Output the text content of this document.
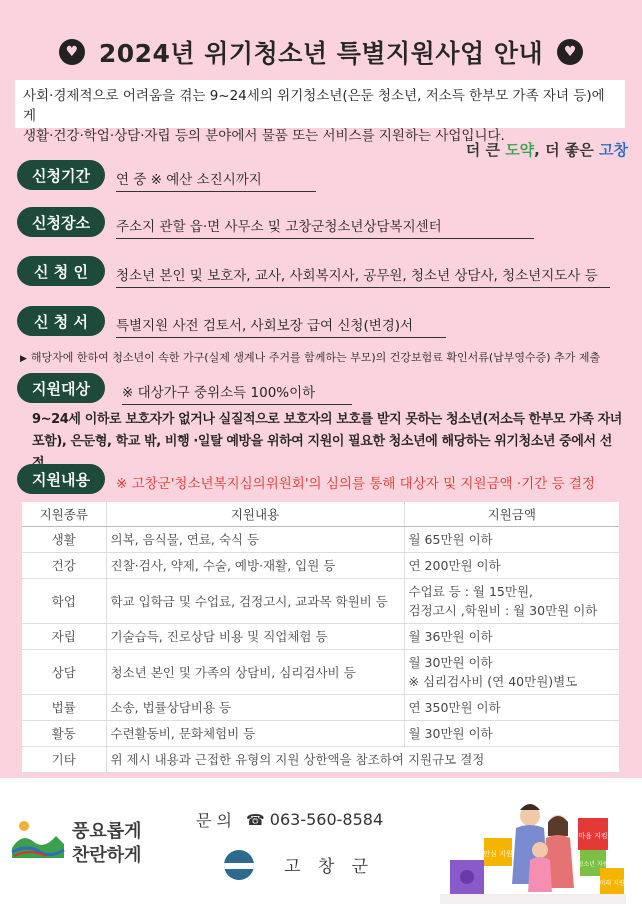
♥ 2024년 위기청소년 특별지원사업 안내	♥
사회·경제적으로 어려움을 겪는 9~24세의 위기청소년(은둔 청소년, 저소득 한부모 가족 자녀 등)에게
생활·건강·학업·상담·자립 등의 분야에서 물품 또는 서비스를 지원하는 사업입니다.
더 큰 도약, 더 좋은 고창
신청기간	연 중 ※ 예산 소진시까지
신청장소	주소지 관할 읍·면 사무소 및 고창군청소년상담복지센터
신 청 인	청소년 본인 및 보호자, 교사, 사회복지사, 공무원, 청소년 상담사, 청소년지도사 등
신 청 서	특별지원 사전 검토서, 사회보장 급여 신청(변경)서
▶ 해당자에 한하여 청소년이 속한 가구(실제 생계나 주거를 함께하는 부모)의 건강보험료 확인서류(납부영수증) 추가 제출
지원대상	※ 대상가구 중위소득 100%이하
9~24세 이하로 보호자가 없거나 실질적으로 보호자의 보호를 받지 못하는 청소년(저소득 한부모 가족 자녀
포함), 은둔형, 학교 밖, 비행 ·일탈 예방을 위하여 지원이 필요한 청소년에 해당하는 위기청소년 중에서 선
지원내용	※ 고창군'청소년복지심의위원회'의 심의를 통해 대상자 및 지원금액 ·기간 등 결정
지원종류	지원내용	지원금액
생활	의복, 음식물, 연료, 숙식 등	월 65만원 이하

건강	진찰·검사, 약제, 수술, 예방·재활, 입원 등	연 200만원 이하

학업	학교 입학금 및 수업료, 검정고시, 교과목 학원비 등	수업료 등 : 월 15만원,
검정고시 ,학원비 : 월 30만원 이하

자립	기술습득, 진로상담 비용 및 직업체험 등	월 36만원 이하

상담	청소년 본인 및 가족의 상담비, 심리검사비 등	월 30만원 이하
※ 심리검사비 (연 40만원)별도

법률	소송, 법률상담비용 등	연 350만원 이하

활동	수련활동비, 문화체험비 등	월 30만원 이하

기타	위 제시 내용과 근접한 유형의 지원 상한액을 참조하여 지원규모 결정	
풍요롭게
찬란하게
문 의 ☎ 063-560-8584
고 창 군
안심 지원
마음 지킴
청소년 지원
미래 지원
